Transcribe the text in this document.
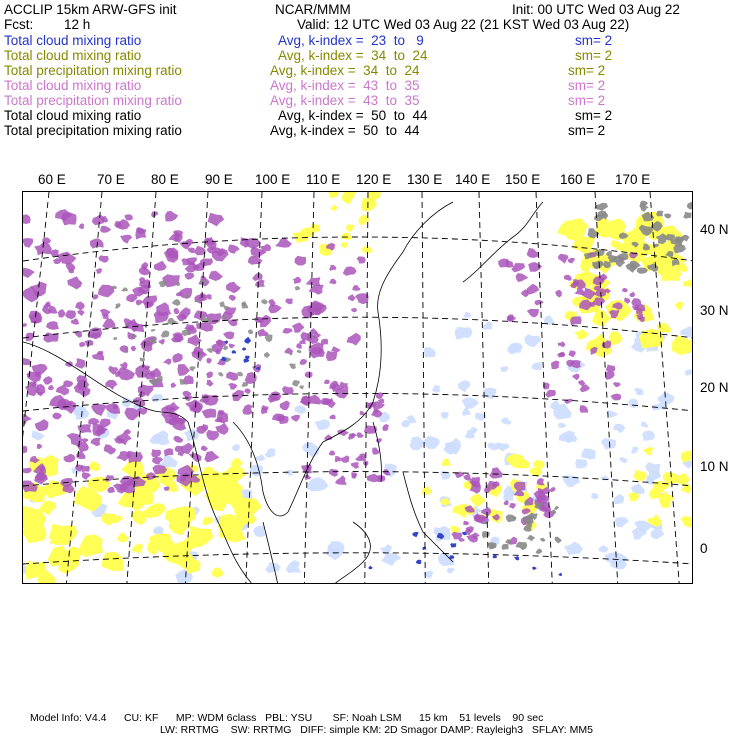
ACCLIP 15km ARW-GFS init	NCAR/MMM	Init: 00 UTC Wed 03 Aug 22
Fcst: 12 h	Valid: 12 UTC Wed 03 Aug 22 (21 KST Wed 03 Aug 22)
Total cloud mixing ratio	Avg, k-index =  23  to   9	sm= 2
Total cloud mixing ratio	Avg, k-index =  34  to  24	sm= 2
Total precipitation mixing ratio	Avg, k-index =  34  to  24	sm= 2
Total cloud mixing ratio	Avg, k-index =  43  to  35	sm= 2
Total precipitation mixing ratio	Avg, k-index =  43  to  35	sm= 2
Total cloud mixing ratio	Avg, k-index =  50  to  44	sm= 2
Total precipitation mixing ratio	Avg, k-index =  50  to  44	sm= 2
60 E 70 E 80 E 90 E 100 E 110 E 120 E 130 E 140 E 150 E 160 E 170 E
40 N
30 N
20 N
10 N
0
Model Info: V4.4      CU: KF      MP: WDM 6class   PBL: YSU       SF: Noah LSM      15 km    51 levels    90 sec
LW: RRTMG    SW: RRTMG   DIFF: simple KM: 2D Smagor DAMP: Rayleigh3   SFLAY: MM5
